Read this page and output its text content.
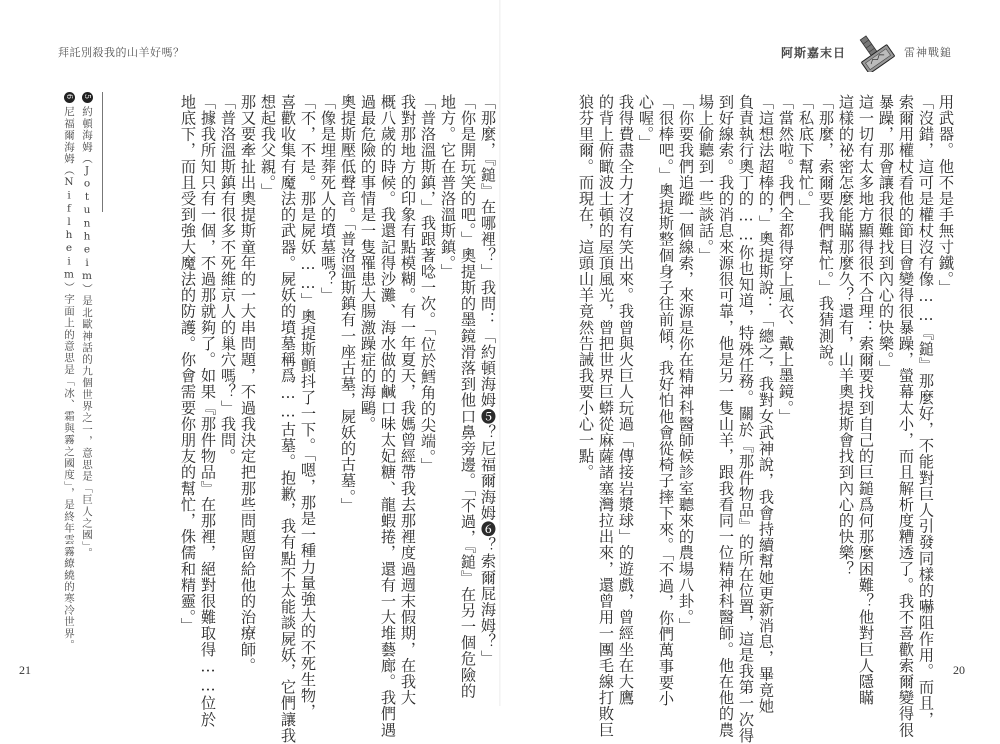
拜託別殺我的山羊好嗎？
「那麼，『鎚』在哪裡？」我問：「約頓海姆❺？尼福爾海姆❻？索爾屁海姆？」
「你是開玩笑的吧。」奧提斯的墨鏡滑落到他口鼻旁邊。「不過，『鎚』在另一個危險的
地方。它在普洛溫斯鎮。」
「普洛溫斯鎮，」我跟著唸一次。「位於鱈角的尖端。」
我對那地方的印象有點模糊。有一年夏天，我媽曾經帶我去那裡度過週末假期，在我大
概八歲的時候。我還記得沙灘、海水做的鹹口味太妃糖、龍蝦捲，還有一大堆藝廊。我們遇
過最危險的事情是一隻罹患大腸激躁症的海鷗。
奧提斯壓低聲音。「普洛溫斯鎮有一座古墓，屍妖的古墓。」
「像是埋葬死人的墳墓嗎？」
「不，不是。那是屍妖……」奧提斯顫抖了一下。「嗯，那是一種力量強大的不死生物，
喜歡收集有魔法的武器。屍妖的墳墓稱爲……古墓。抱歉，我有點不太能談屍妖，它們讓我
想起我父親。」
那又要牽扯出奧提斯童年的一大串問題，不過我決定把那些問題留給他的治療師。
「普洛溫斯鎮有很多不死維京人的巢穴嗎？」我問。
「據我所知只有一個，不過那就夠了。如果『那件物品』在那裡，絕對很難取得……位於
地底下，而且受到強大魔法的防護。你會需要你朋友的幫忙，侏儒和精靈。」
5約頓海姆（Jotunheim）是北歐神話的九個世界之一，意思是「巨人之國」。
6尼福爾海姆（Niflheim）字面上的意思是「冰、霜與霧之國度」，是終年雲霧繚繞的寒冷世界。
21
阿斯嘉末日	雷神戰鎚
用武器。他不是手無寸鐵。」
「沒錯，這可是權杖沒有像……『鎚』那麼好，不能對巨人引發同樣的嚇阻作用。而且，
索爾用權杖看他的節目會變得很暴躁，螢幕太小，而且解析度糟透了。我不喜歡索爾變得很
暴躁，那會讓我很難找到內心的快樂。」
這一切有太多地方顯得很不合理：索爾要找到自己的巨鎚爲何那麼困難？他對巨人隱瞞
這樣的祕密怎麼能瞞那麼久？還有，山羊奧提斯會找到內心的快樂？
「那麼，索爾要我們幫忙。」我猜測說。
「私底下幫忙。」
「當然啦。我們全都得穿上風衣、戴上墨鏡。」
「這想法超棒的，」奧提斯說：「總之，我對女武神說，我會持續幫她更新消息，畢竟她
負責執行奧丁的……你也知道，特殊任務。關於『那件物品』的所在位置，這是我第一次得
到好線索。我的消息來源很可靠，他是另一隻山羊，跟我看同一位精神科醫師。他在他的農
場上偷聽到一些談話。」
「你要我們追蹤一個線索，來源是你在精神科醫師候診室聽來的農場八卦。」
「很棒吧。」奧提斯整個身子往前傾，我好怕他會從椅子摔下來。「不過，你們萬事要小
心喔。」
我得費盡全力才沒有笑出來。我曾與火巨人玩過「傳接岩漿球」的遊戲，曾經坐在大鷹
的背上俯瞰波士頓的屋頂風光，曾把世界巨蟒從麻薩諸塞灣拉出來，還曾用一團毛線打敗巨
狼芬里爾。而現在，這頭山羊竟然告誡我要小心一點。
20
